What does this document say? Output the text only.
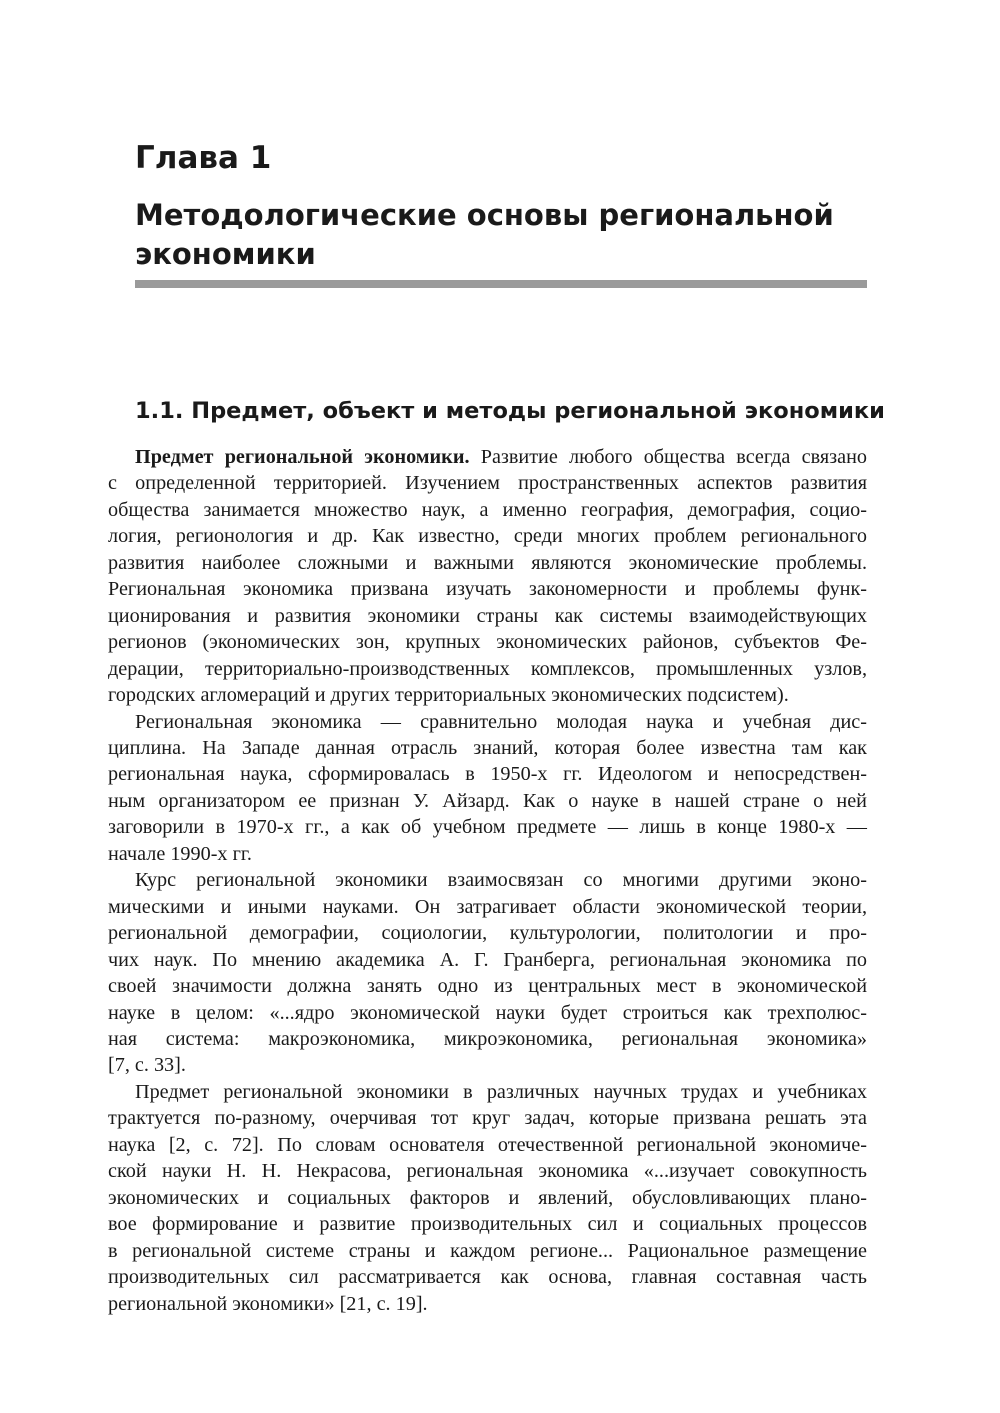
Глава 1
Методологические основы региональной экономики
1.1. Предмет, объект и методы региональной экономики

Предмет региональной экономики. Развитие любого общества всегда связано
с определенной территорией. Изучением пространственных аспектов развития
общества занимается множество наук, а именно география, демография, социо-
логия, регионология и др. Как известно, среди многих проблем регионального
развития наиболее сложными и важными являются экономические проблемы.
Региональная экономика призвана изучать закономерности и проблемы функ-
ционирования и развития экономики страны как системы взаимодействующих
регионов (экономических зон, крупных экономических районов, субъектов Фе-
дерации, территориально-производственных комплексов, промышленных узлов,
городских агломераций и других территориальных экономических подсистем).

Региональная экономика — сравнительно молодая наука и учебная дис-
циплина. На Западе данная отрасль знаний, которая более известна там как
региональная наука, сформировалась в 1950-х гг. Идеологом и непосредствен-
ным организатором ее признан У. Айзард. Как о науке в нашей стране о ней
заговорили в 1970-х гг., а как об учебном предмете — лишь в конце 1980-х —
начале 1990-х гг.

Курс региональной экономики взаимосвязан со многими другими эконо-
мическими и иными науками. Он затрагивает области экономической теории,
региональной демографии, социологии, культурологии, политологии и про-
чих наук. По мнению академика А. Г. Гранберга, региональная экономика по
своей значимости должна занять одно из центральных мест в экономической
науке в целом: «...ядро экономической науки будет строиться как трехполюс-
ная система: макроэкономика, микроэкономика, региональная экономика»
[7, с. 33].

Предмет региональной экономики в различных научных трудах и учебниках
трактуется по-разному, очерчивая тот круг задач, которые призвана решать эта
наука [2, с. 72]. По словам основателя отечественной региональной экономиче-
ской науки Н. Н. Некрасова, региональная экономика «...изучает совокупность
экономических и социальных факторов и явлений, обусловливающих плано-
вое формирование и развитие производительных сил и социальных процессов
в региональной системе страны и каждом регионе... Рациональное размещение
производительных сил рассматривается как основа, главная составная часть
региональной экономики» [21, с. 19].
